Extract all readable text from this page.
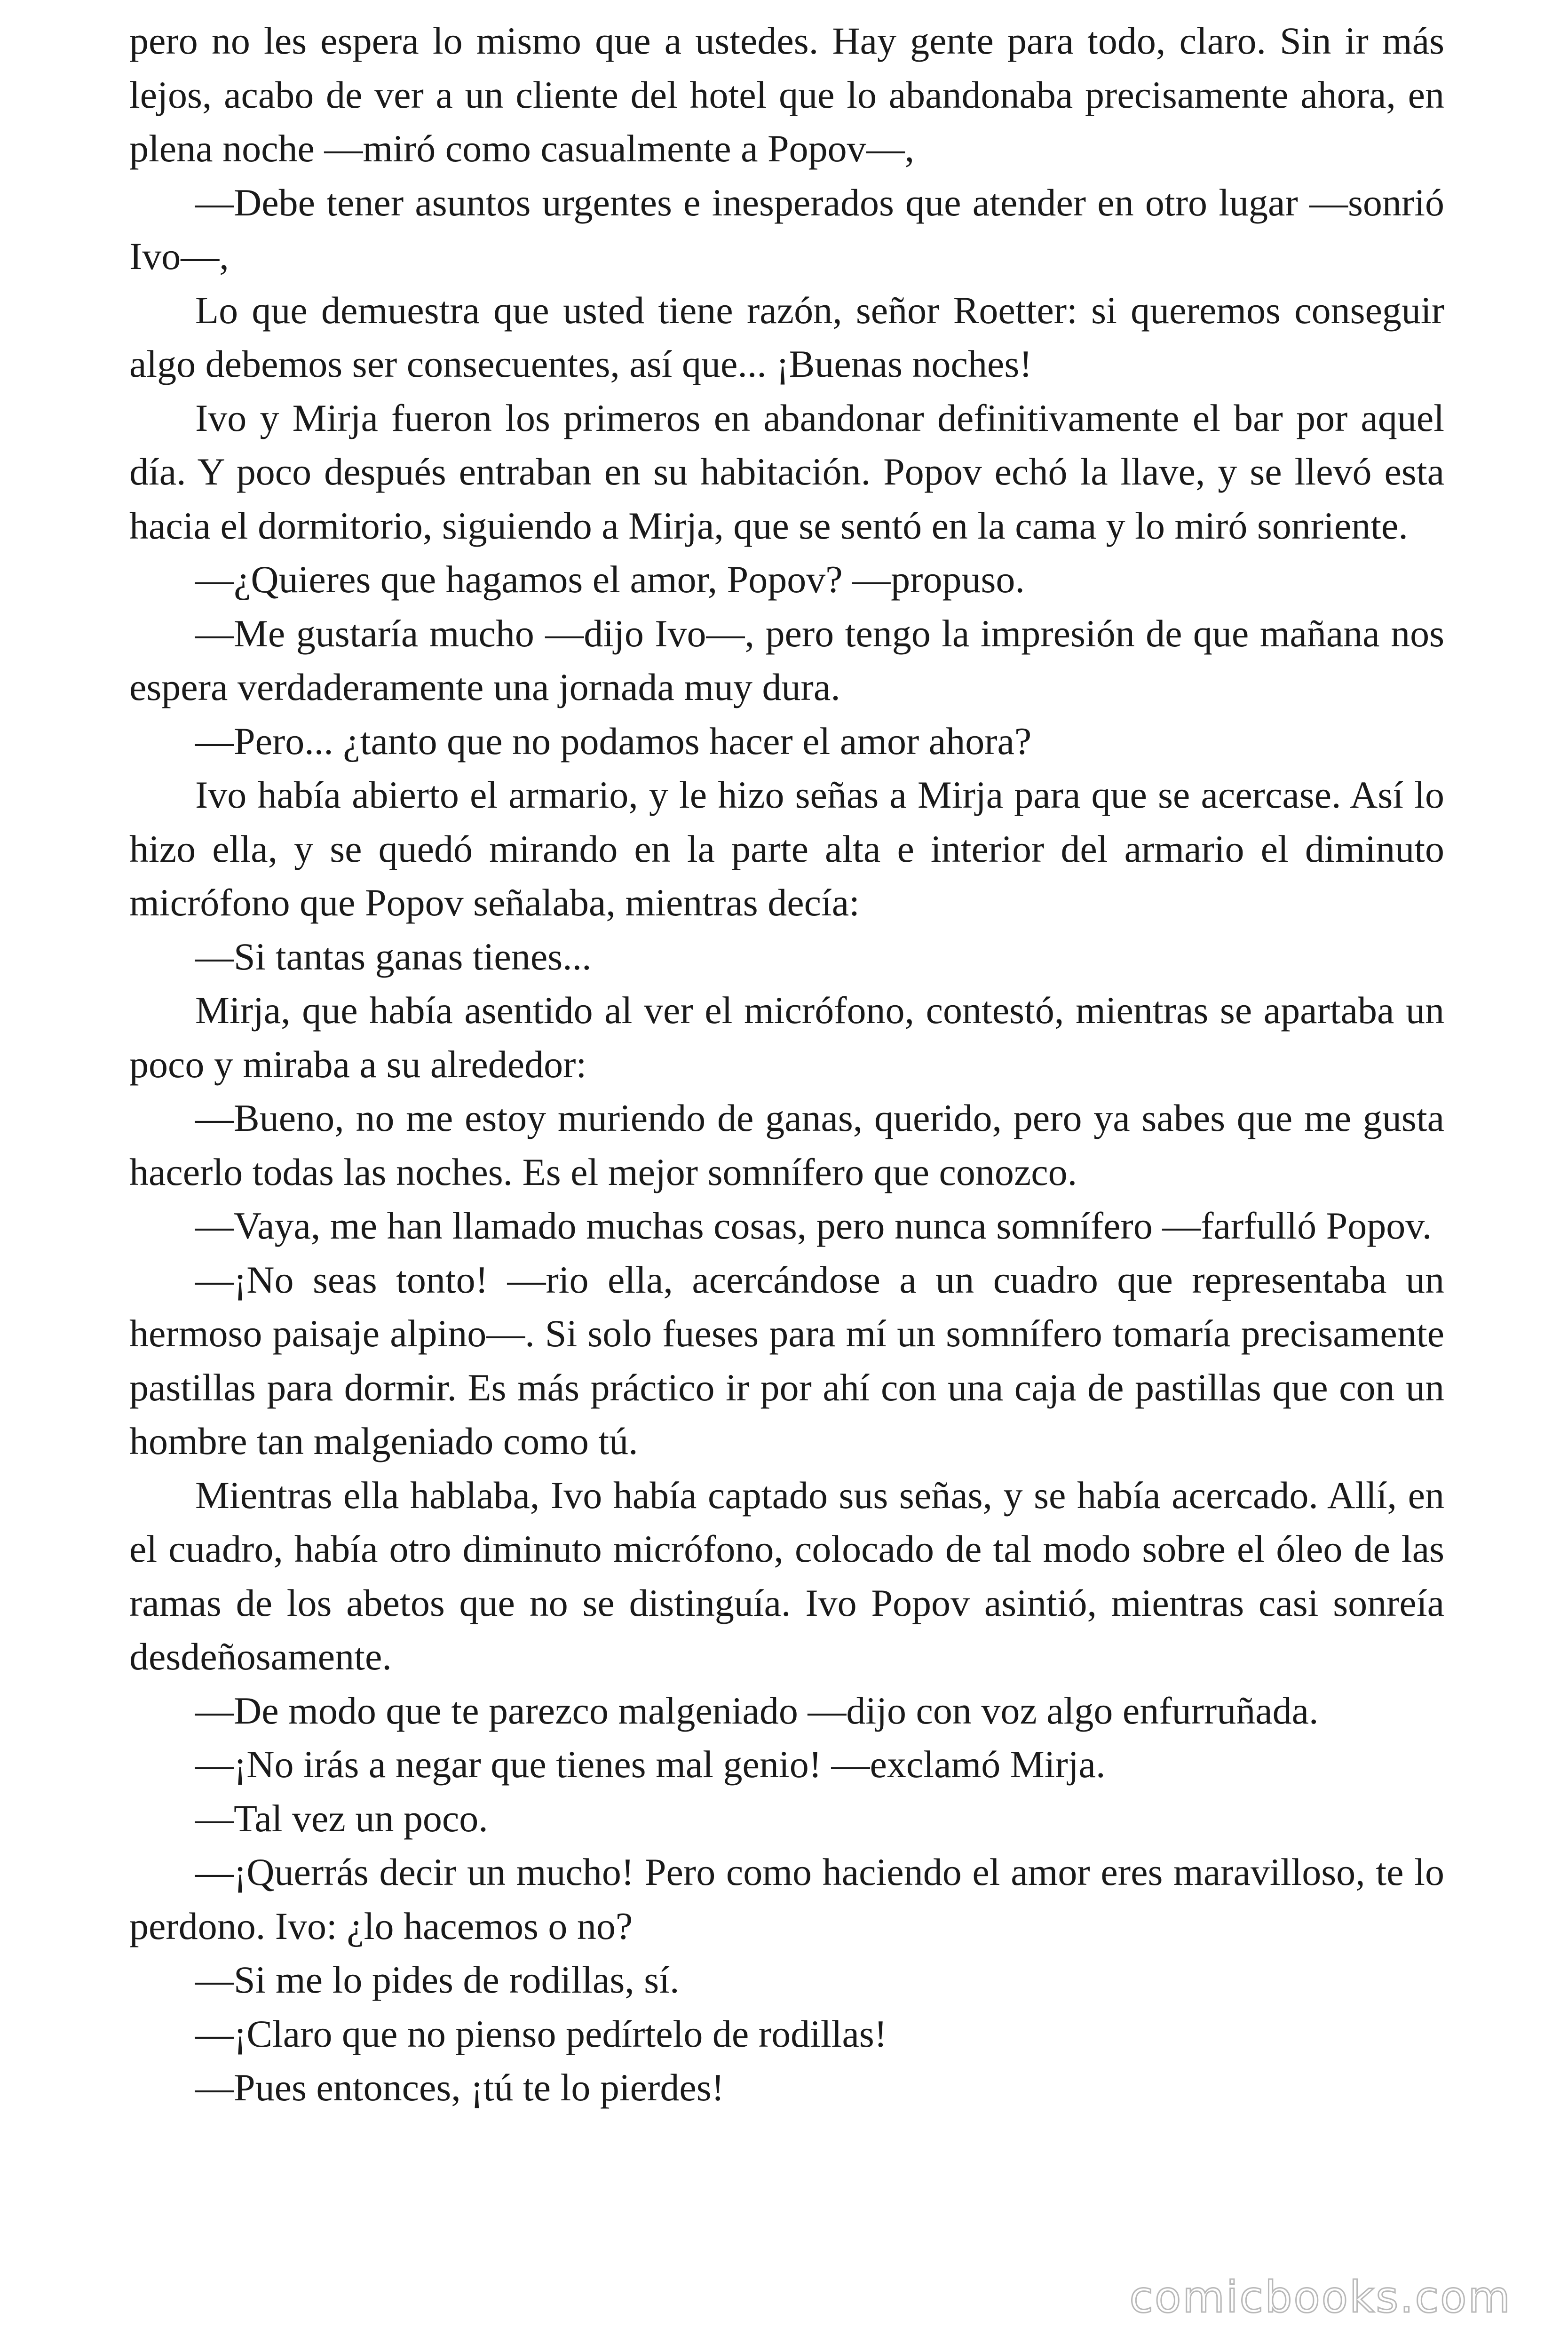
pero no les espera lo mismo que a ustedes. Hay gente para todo, claro. Sin ir más lejos, acabo de ver a un cliente del hotel que lo abandonaba precisamente ahora, en plena noche —miró como casualmente a Popov—,

—Debe tener asuntos urgentes e inesperados que atender en otro lugar —sonrió Ivo—,

Lo que demuestra que usted tiene razón, señor Roetter: si queremos conseguir algo debemos ser consecuentes, así que... ¡Buenas noches!

Ivo y Mirja fueron los primeros en abandonar definitivamente el bar por aquel día. Y poco después entraban en su habitación. Popov echó la llave, y se llevó esta hacia el dormitorio, siguiendo a Mirja, que se sentó en la cama y lo miró sonriente.

—¿Quieres que hagamos el amor, Popov? —propuso.

—Me gustaría mucho —dijo Ivo—, pero tengo la impresión de que mañana nos espera verdaderamente una jornada muy dura.

—Pero... ¿tanto que no podamos hacer el amor ahora?

Ivo había abierto el armario, y le hizo señas a Mirja para que se acercase. Así lo hizo ella, y se quedó mirando en la parte alta e interior del armario el diminuto micrófono que Popov señalaba, mientras decía:

—Si tantas ganas tienes...

Mirja, que había asentido al ver el micrófono, contestó, mientras se apartaba un poco y miraba a su alrededor:

—Bueno, no me estoy muriendo de ganas, querido, pero ya sabes que me gusta hacerlo todas las noches. Es el mejor somnífero que conozco.

—Vaya, me han llamado muchas cosas, pero nunca somnífero —farfulló Popov.

—¡No seas tonto! —rio ella, acercándose a un cuadro que representaba un hermoso paisaje alpino—. Si solo fueses para mí un somnífero tomaría precisamente pastillas para dormir. Es más práctico ir por ahí con una caja de pastillas que con un hombre tan malgeniado como tú.

Mientras ella hablaba, Ivo había captado sus señas, y se había acercado. Allí, en el cuadro, había otro diminuto micrófono, colocado de tal modo sobre el óleo de las ramas de los abetos que no se distinguía. Ivo Popov asintió, mientras casi sonreía desdeñosamente.

—De modo que te parezco malgeniado —dijo con voz algo enfurruñada.

—¡No irás a negar que tienes mal genio! —exclamó Mirja.

—Tal vez un poco.

—¡Querrás decir un mucho! Pero como haciendo el amor eres maravilloso, te lo perdono. Ivo: ¿lo hacemos o no?

—Si me lo pides de rodillas, sí.

—¡Claro que no pienso pedírtelo de rodillas!

—Pues entonces, ¡tú te lo pierdes!

comicbooks.com
